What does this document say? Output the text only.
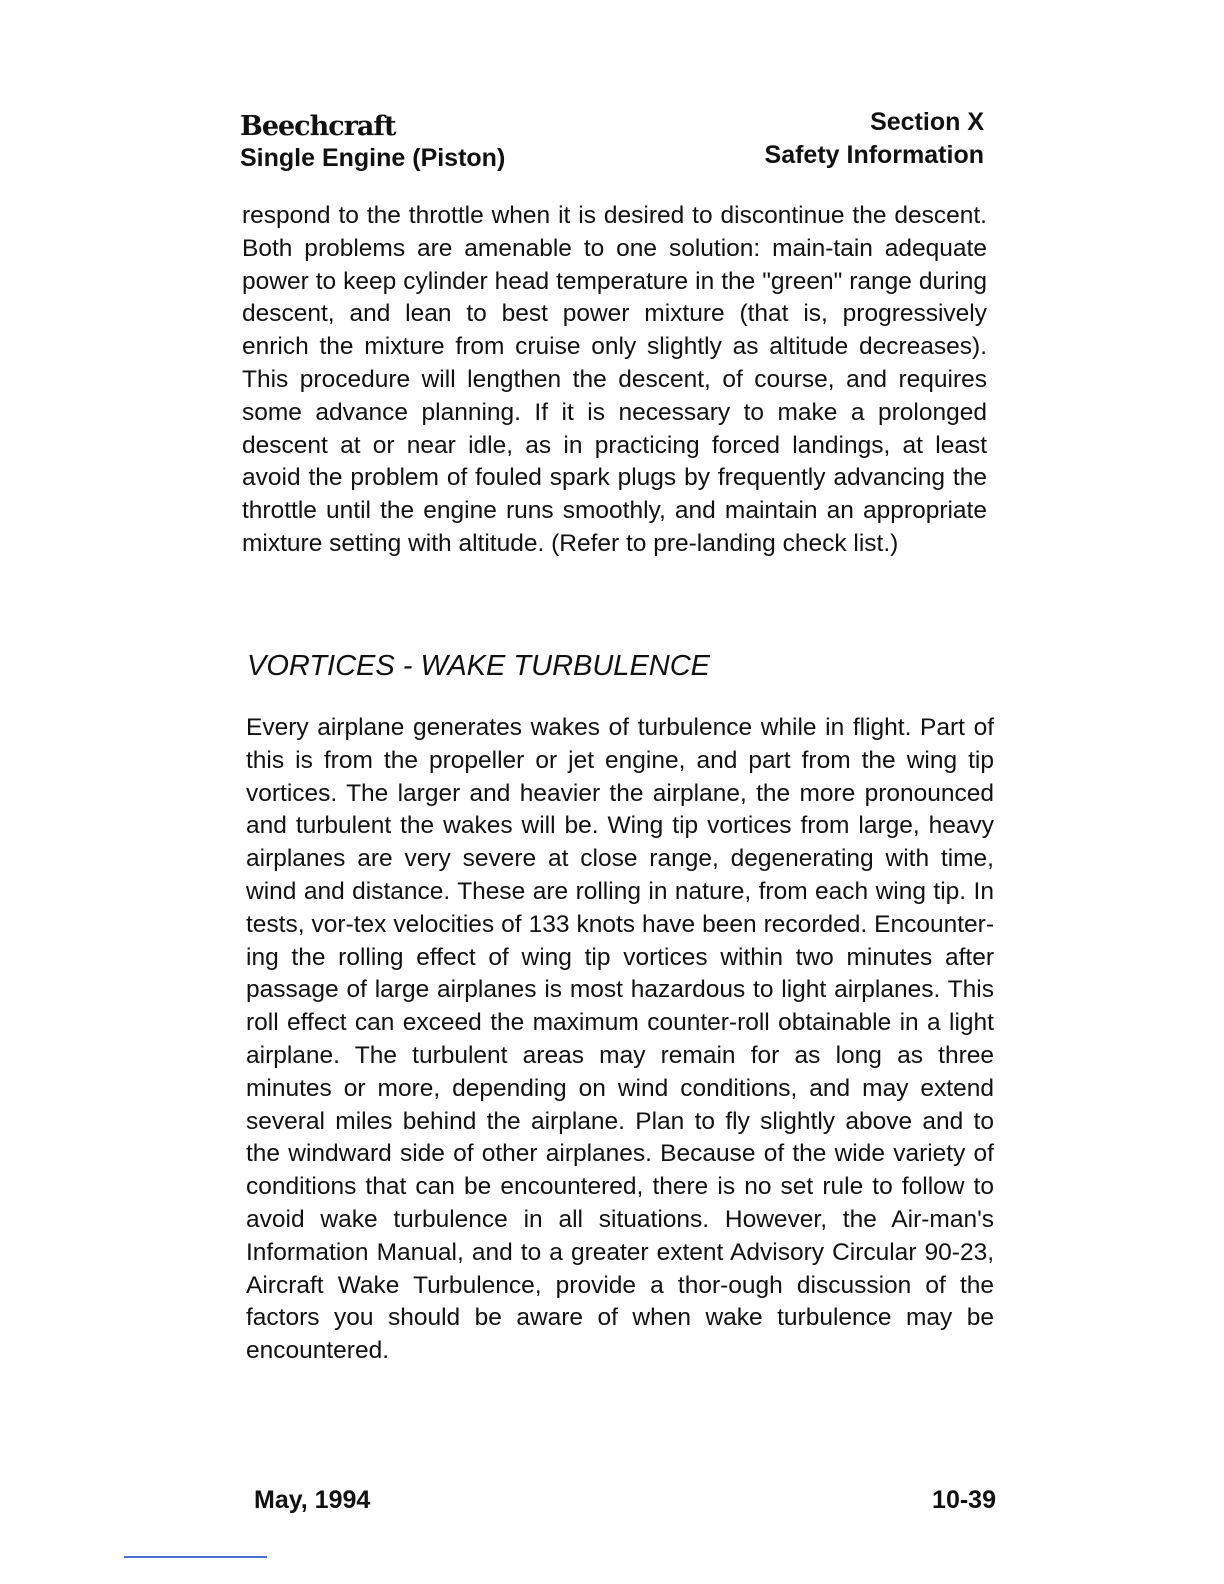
Beechcraft
Single Engine (Piston)
Section X
Safety Information

respond to the throttle when it is desired to discontinue the descent. Both problems are amenable to one solution: main-tain adequate power to keep cylinder head temperature in the "green" range during descent, and lean to best power mixture (that is, progressively enrich the mixture from cruise only slightly as altitude decreases). This procedure will lengthen the descent, of course, and requires some advance planning. If it is necessary to make a prolonged descent at or near idle, as in practicing forced landings, at least avoid the problem of fouled spark plugs by frequently advancing the throttle until the engine runs smoothly, and maintain an appropriate mixture setting with altitude. (Refer to pre-landing check list.)

VORTICES - WAKE TURBULENCE

Every airplane generates wakes of turbulence while in flight. Part of this is from the propeller or jet engine, and part from the wing tip vortices. The larger and heavier the airplane, the more pronounced and turbulent the wakes will be. Wing tip vortices from large, heavy airplanes are very severe at close range, degenerating with time, wind and distance. These are rolling in nature, from each wing tip. In tests, vor-tex velocities of 133 knots have been recorded. Encounter-ing the rolling effect of wing tip vortices within two minutes after passage of large airplanes is most hazardous to light airplanes. This roll effect can exceed the maximum counter-roll obtainable in a light airplane. The turbulent areas may remain for as long as three minutes or more, depending on wind conditions, and may extend several miles behind the airplane. Plan to fly slightly above and to the windward side of other airplanes. Because of the wide variety of conditions that can be encountered, there is no set rule to follow to avoid wake turbulence in all situations. However, the Air-man's Information Manual, and to a greater extent Advisory Circular 90-23, Aircraft Wake Turbulence, provide a thor-ough discussion of the factors you should be aware of when wake turbulence may be encountered.

May, 1994	10-39
